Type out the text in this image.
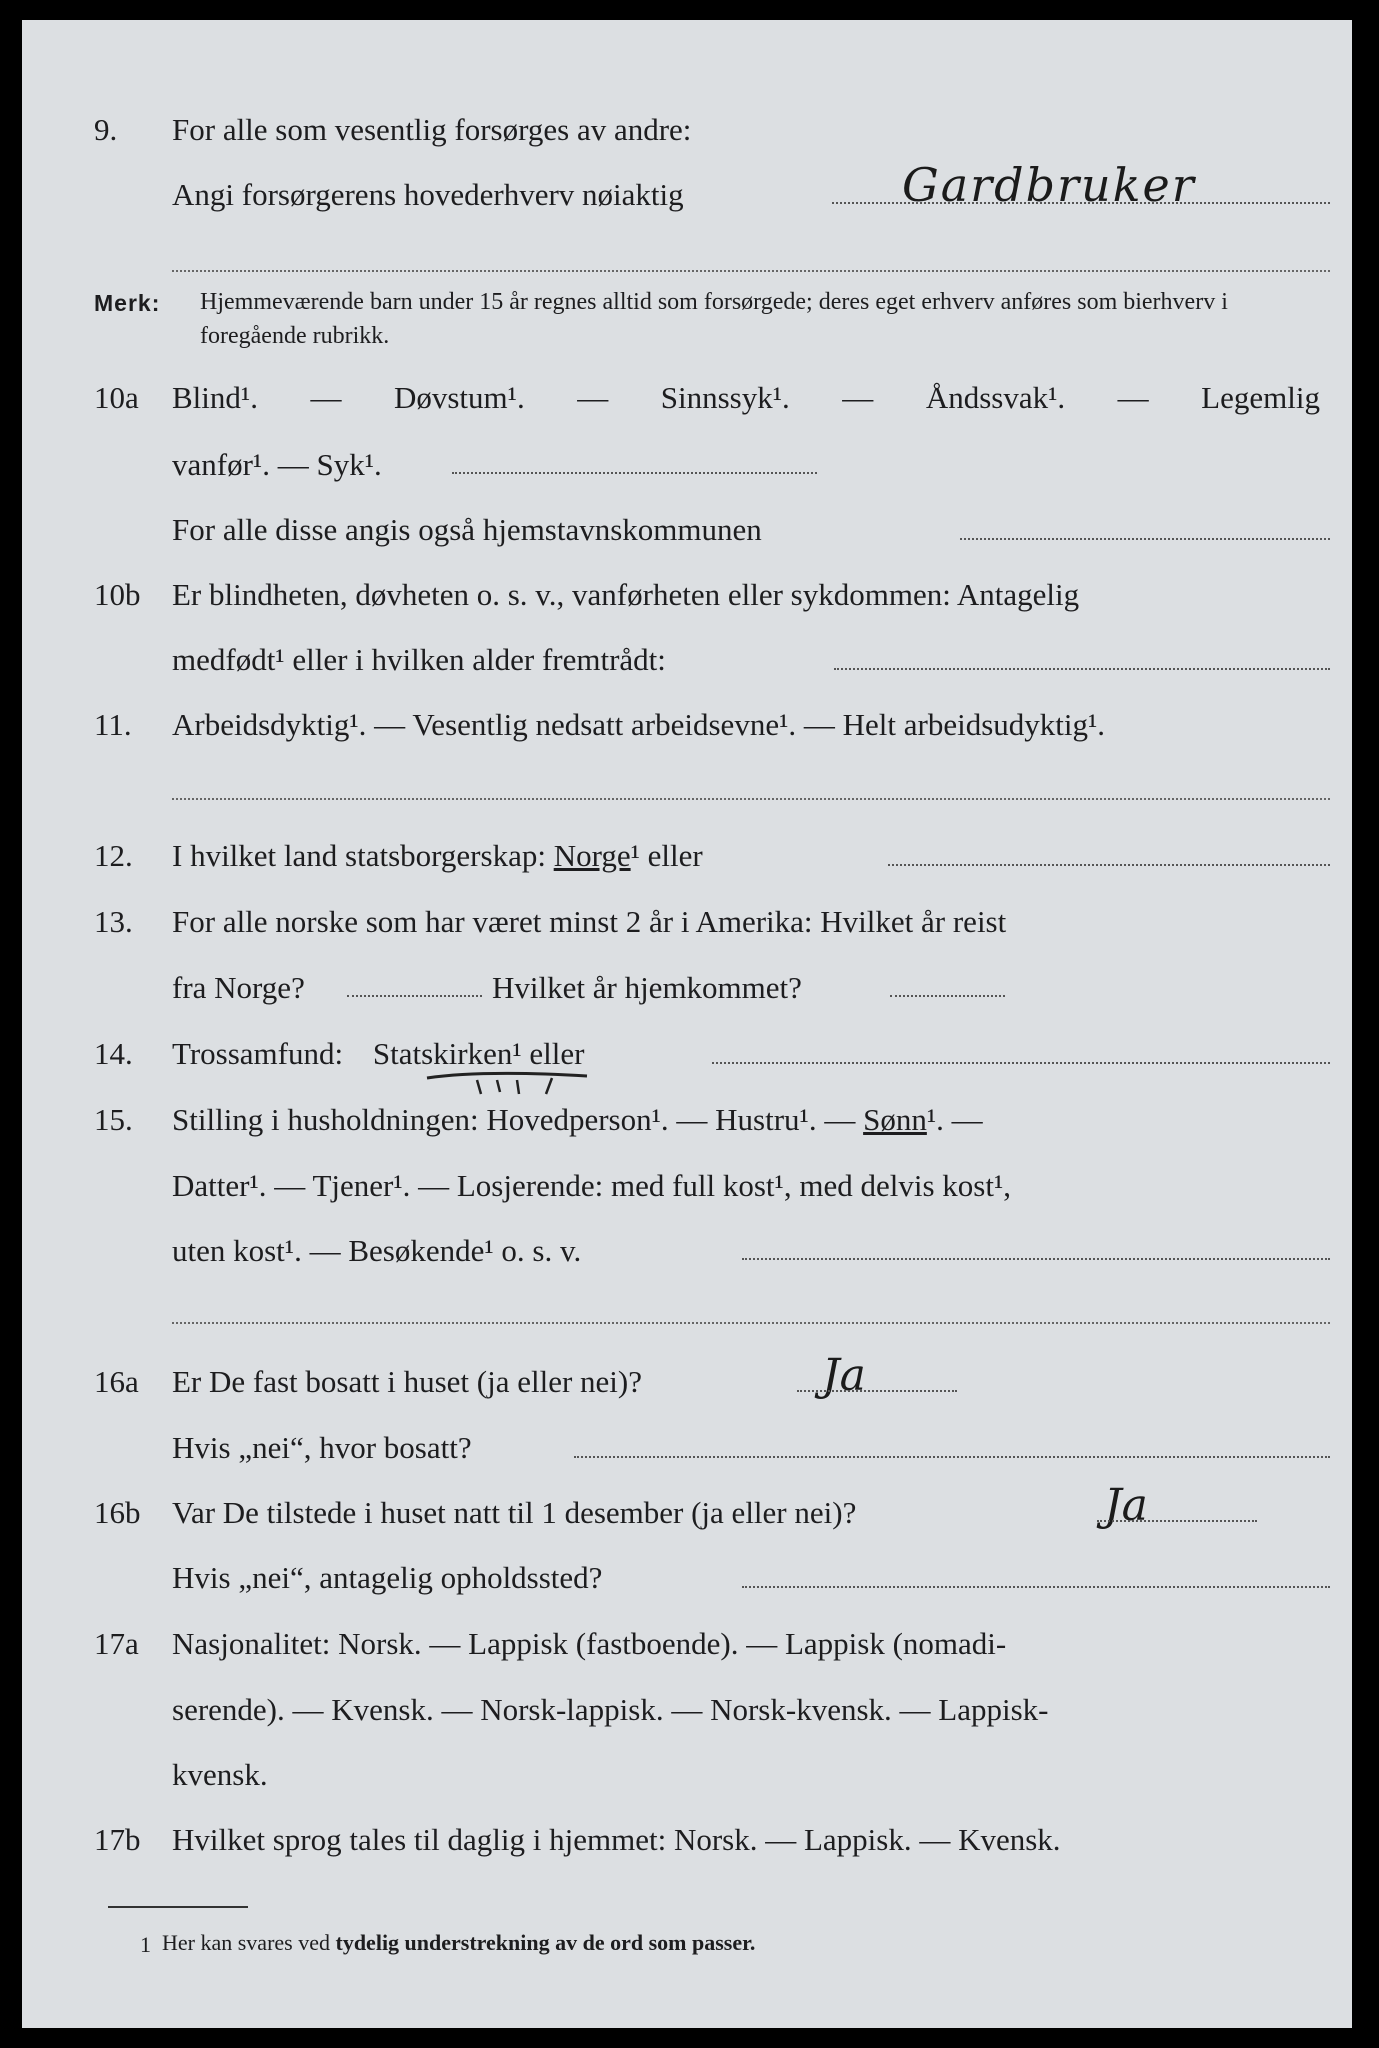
9. For alle som vesentlig forsørges av andre:
Angi forsørgerens hovederhverv nøiaktig	Gardbruker
Merk: Hjemmeværende barn under 15 år regnes alltid som forsørgede; deres eget erhverv anføres som bierhverv i foregående rubrikk.
10a Blind¹. — Døvstum¹. — Sinnssyk¹. — Åndssvak¹. — Legemlig
vanfør¹. — Syk¹.
For alle disse angis også hjemstavnskommunen
10b Er blindheten, døvheten o. s. v., vanførheten eller sykdommen: Antagelig
medfødt¹ eller i hvilken alder fremtrådt:
11. Arbeidsdyktig¹. — Vesentlig nedsatt arbeidsevne¹. — Helt arbeidsudyktig¹.
12. I hvilket land statsborgerskap: Norge¹ eller
13. For alle norske som har været minst 2 år i Amerika: Hvilket år reist
fra Norge?	Hvilket år hjemkommet?
14. Trossamfund: Statskirken¹ eller
15. Stilling i husholdningen: Hovedperson¹. — Hustru¹. — Sønn¹. —
Datter¹. — Tjener¹. — Losjerende: med full kost¹, med delvis kost¹,
uten kost¹. — Besøkende¹ o. s. v.
16a Er De fast bosatt i huset (ja eller nei)?	Ja
Hvis „nei“, hvor bosatt?
16b Var De tilstede i huset natt til 1 desember (ja eller nei)?	Ja
Hvis „nei“, antagelig opholdssted?
17a Nasjonalitet: Norsk. — Lappisk (fastboende). — Lappisk (nomadi-
serende). — Kvensk. — Norsk-lappisk. — Norsk-kvensk. — Lappisk-
kvensk.
17b Hvilket sprog tales til daglig i hjemmet: Norsk. — Lappisk. — Kvensk.
1 Her kan svares ved tydelig understrekning av de ord som passer.
